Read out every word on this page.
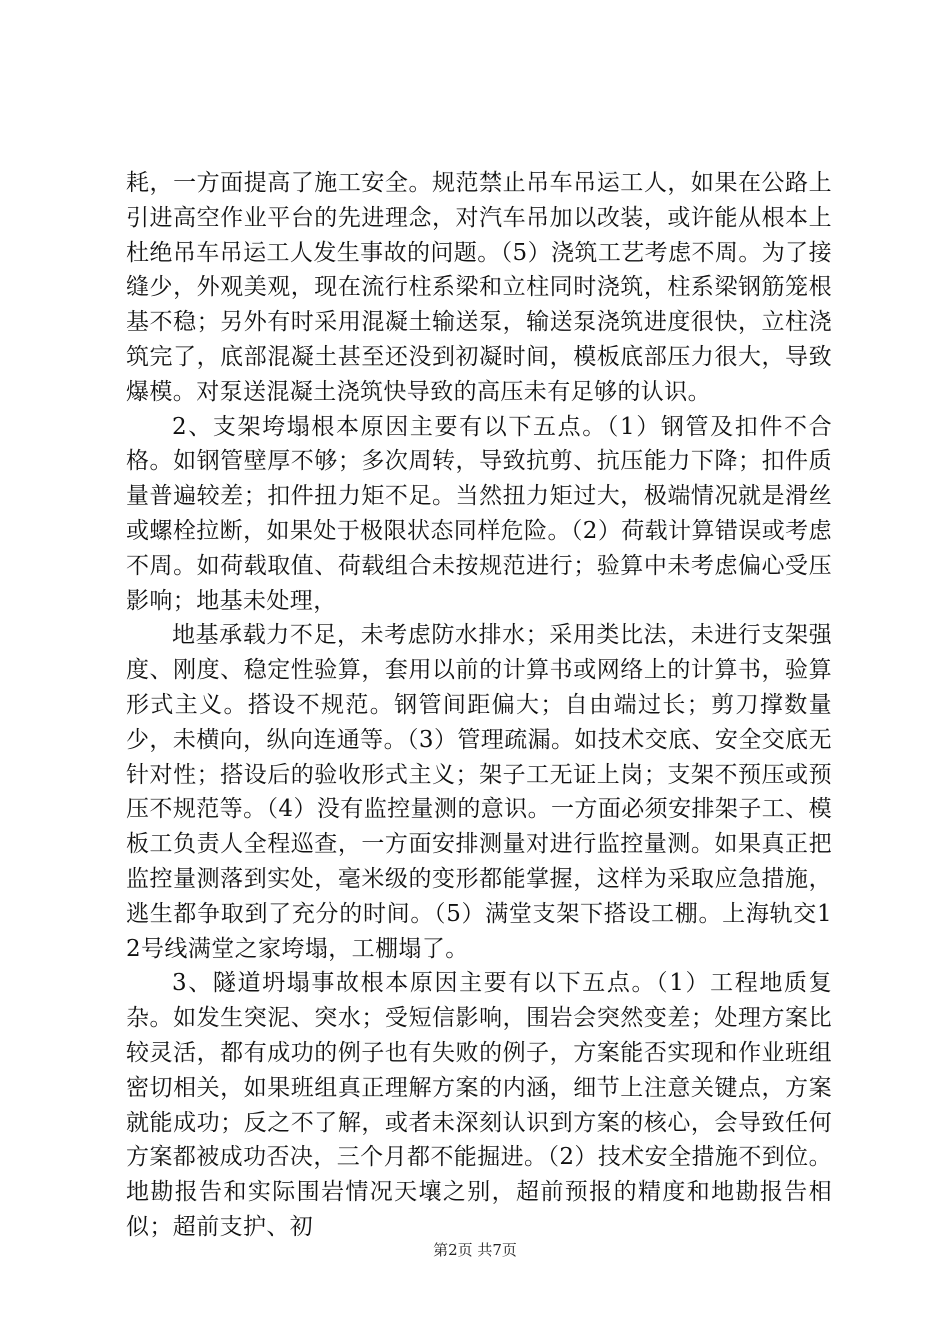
耗，一方面提高了施工安全。规范禁止吊车吊运工人，如果在公路上引进高空作业平台的先进理念，对汽车吊加以改装，或许能从根本上杜绝吊车吊运工人发生事故的问题。（5）浇筑工艺考虑不周。为了接缝少，外观美观，现在流行柱系梁和立柱同时浇筑，柱系梁钢筋笼根基不稳；另外有时采用混凝土输送泵，输送泵浇筑进度很快，立柱浇筑完了，底部混凝土甚至还没到初凝时间，模板底部压力很大，导致爆模。对泵送混凝土浇筑快导致的高压未有足够的认识。

2、支架垮塌根本原因主要有以下五点。（1）钢管及扣件不合格。如钢管壁厚不够；多次周转，导致抗剪、抗压能力下降；扣件质量普遍较差；扣件扭力矩不足。当然扭力矩过大，极端情况就是滑丝或螺栓拉断，如果处于极限状态同样危险。（2）荷载计算错误或考虑不周。如荷载取值、荷载组合未按规范进行；验算中未考虑偏心受压影响；地基未处理，

地基承载力不足，未考虑防水排水；采用类比法，未进行支架强度、刚度、稳定性验算，套用以前的计算书或网络上的计算书，验算形式主义。搭设不规范。钢管间距偏大；自由端过长；剪刀撑数量少，未横向，纵向连通等。（3）管理疏漏。如技术交底、安全交底无针对性；搭设后的验收形式主义；架子工无证上岗；支架不预压或预压不规范等。（4）没有监控量测的意识。一方面必须安排架子工、模板工负责人全程巡查，一方面安排测量对进行监控量测。如果真正把监控量测落到实处，毫米级的变形都能掌握，这样为采取应急措施，逃生都争取到了充分的时间。（5）满堂支架下搭设工棚。上海轨交12号线满堂之家垮塌，工棚塌了。

3、隧道坍塌事故根本原因主要有以下五点。（1）工程地质复杂。如发生突泥、突水；受短信影响，围岩会突然变差；处理方案比较灵活，都有成功的例子也有失败的例子，方案能否实现和作业班组密切相关，如果班组真正理解方案的内涵，细节上注意关键点，方案就能成功；反之不了解，或者未深刻认识到方案的核心，会导致任何方案都被成功否决，三个月都不能掘进。（2）技术安全措施不到位。地勘报告和实际围岩情况天壤之别，超前预报的精度和地勘报告相似；超前支护、初

第2页 共7页
